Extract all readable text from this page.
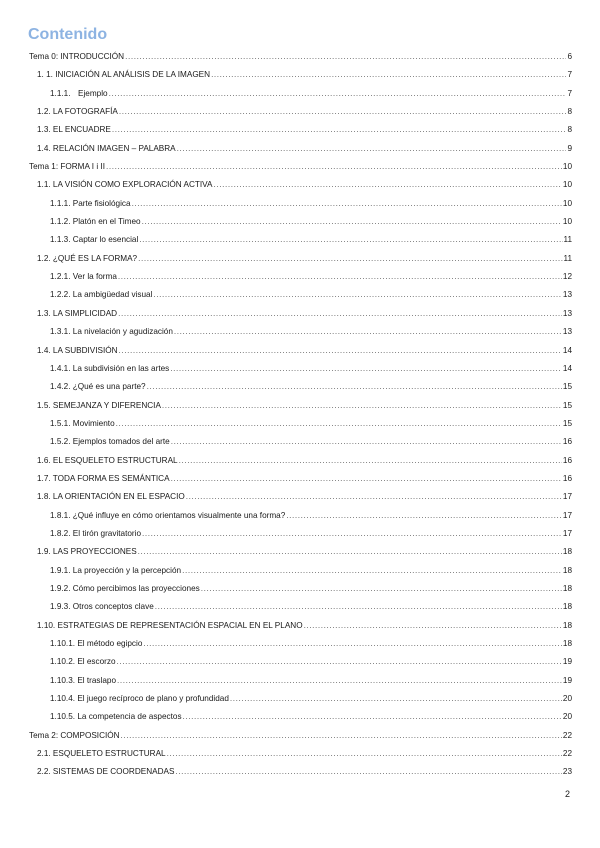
Contenido
Tema 0: INTRODUCCIÓN .....	6
1. 1. INICIACIÓN AL ANÁLISIS DE LA IMAGEN .....	7
1.1.1. Ejemplo .....	7
1.2. LA FOTOGRAFÍA .....	8
1.3. EL ENCUADRE .....	8
1.4. RELACIÓN IMAGEN – PALABRA .....	9
Tema 1: FORMA I i II .....	10
1.1. LA VISIÓN COMO EXPLORACIÓN ACTIVA .....	10
1.1.1. Parte fisiológica .....	10
1.1.2. Platón en el Timeo .....	10
1.1.3. Captar lo esencial .....	11
1.2. ¿QUÉ ES LA FORMA? .....	11
1.2.1. Ver la forma .....	12
1.2.2. La ambigüedad visual .....	13
1.3. LA SIMPLICIDAD .....	13
1.3.1. La nivelación y agudización .....	13
1.4. LA SUBDIVISIÓN .....	14
1.4.1. La subdivisión en las artes .....	14
1.4.2. ¿Qué es una parte? .....	15
1.5. SEMEJANZA Y DIFERENCIA .....	15
1.5.1. Movimiento .....	15
1.5.2. Ejemplos tomados del arte .....	16
1.6. EL ESQUELETO ESTRUCTURAL .....	16
1.7. TODA FORMA ES SEMÁNTICA .....	16
1.8. LA ORIENTACIÓN EN EL ESPACIO .....	17
1.8.1. ¿Qué influye en cómo orientamos visualmente una forma? .....	17
1.8.2. El tirón gravitatorio .....	17
1.9. LAS PROYECCIONES .....	18
1.9.1. La proyección y la percepción .....	18
1.9.2. Cómo percibimos las proyecciones .....	18
1.9.3. Otros conceptos clave .....	18
1.10. ESTRATEGIAS DE REPRESENTACIÓN ESPACIAL EN EL PLANO .....	18
1.10.1. El método egipcio .....	18
1.10.2. El escorzo .....	19
1.10.3. El traslapo .....	19
1.10.4. El juego recíproco de plano y profundidad .....	20
1.10.5. La competencia de aspectos .....	20
Tema 2: COMPOSICIÓN .....	22
2.1. ESQUELETO ESTRUCTURAL .....	22
2.2. SISTEMAS DE COORDENADAS .....	23

2
